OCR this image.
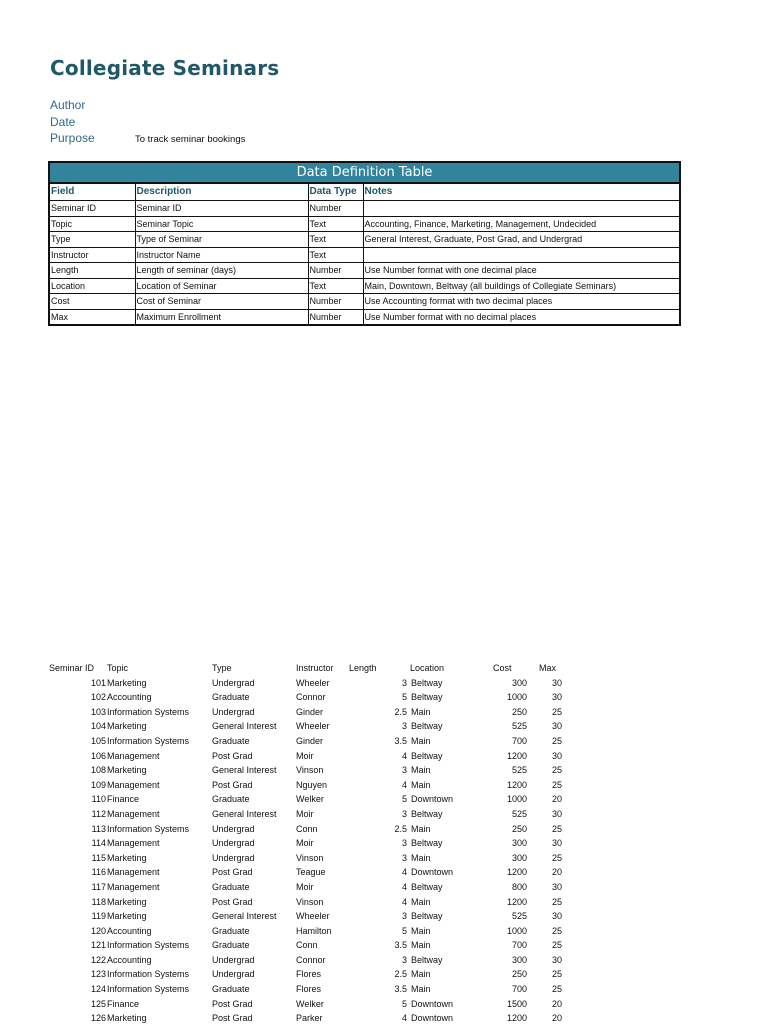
Collegiate Seminars
Author
Date
Purpose	To track seminar bookings
Data Definition Table			
Field	Description	Data Type	Notes
Seminar ID	Seminar ID	Number	
Topic	Seminar Topic	Text	Accounting, Finance, Marketing, Management, Undecided
Type	Type of Seminar	Text	General Interest, Graduate, Post Grad, and Undergrad
Instructor	Instructor Name	Text	
Length	Length of seminar (days)	Number	Use Number format with one decimal place
Location	Location of Seminar	Text	Main, Downtown, Beltway (all buildings of Collegiate Seminars)
Cost	Cost of Seminar	Number	Use Accounting format with two decimal places
Max	Maximum Enrollment	Number	Use Number format with no decimal places
Seminar ID	Topic	Type	Instructor	Length	Location	Cost	Max
101	Marketing	Undergrad	Wheeler	3	Beltway	300	30
102	Accounting	Graduate	Connor	5	Beltway	1000	30
103	Information Systems	Undergrad	Ginder	2.5	Main	250	25
104	Marketing	General Interest	Wheeler	3	Beltway	525	30
105	Information Systems	Graduate	Ginder	3.5	Main	700	25
106	Management	Post Grad	Moir	4	Beltway	1200	30
108	Marketing	General Interest	Vinson	3	Main	525	25
109	Management	Post Grad	Nguyen	4	Main	1200	25
110	Finance	Graduate	Welker	5	Downtown	1000	20
112	Management	General Interest	Moir	3	Beltway	525	30
113	Information Systems	Undergrad	Conn	2.5	Main	250	25
114	Management	Undergrad	Moir	3	Beltway	300	30
115	Marketing	Undergrad	Vinson	3	Main	300	25
116	Management	Post Grad	Teague	4	Downtown	1200	20
117	Management	Graduate	Moir	4	Beltway	800	30
118	Marketing	Post Grad	Vinson	4	Main	1200	25
119	Marketing	General Interest	Wheeler	3	Beltway	525	30
120	Accounting	Graduate	Hamilton	5	Main	1000	25
121	Information Systems	Graduate	Conn	3.5	Main	700	25
122	Accounting	Undergrad	Connor	3	Beltway	300	30
123	Information Systems	Undergrad	Flores	2.5	Main	250	25
124	Information Systems	Graduate	Flores	3.5	Main	700	25
125	Finance	Post Grad	Welker	5	Downtown	1500	20
126	Marketing	Post Grad	Parker	4	Downtown	1200	20
